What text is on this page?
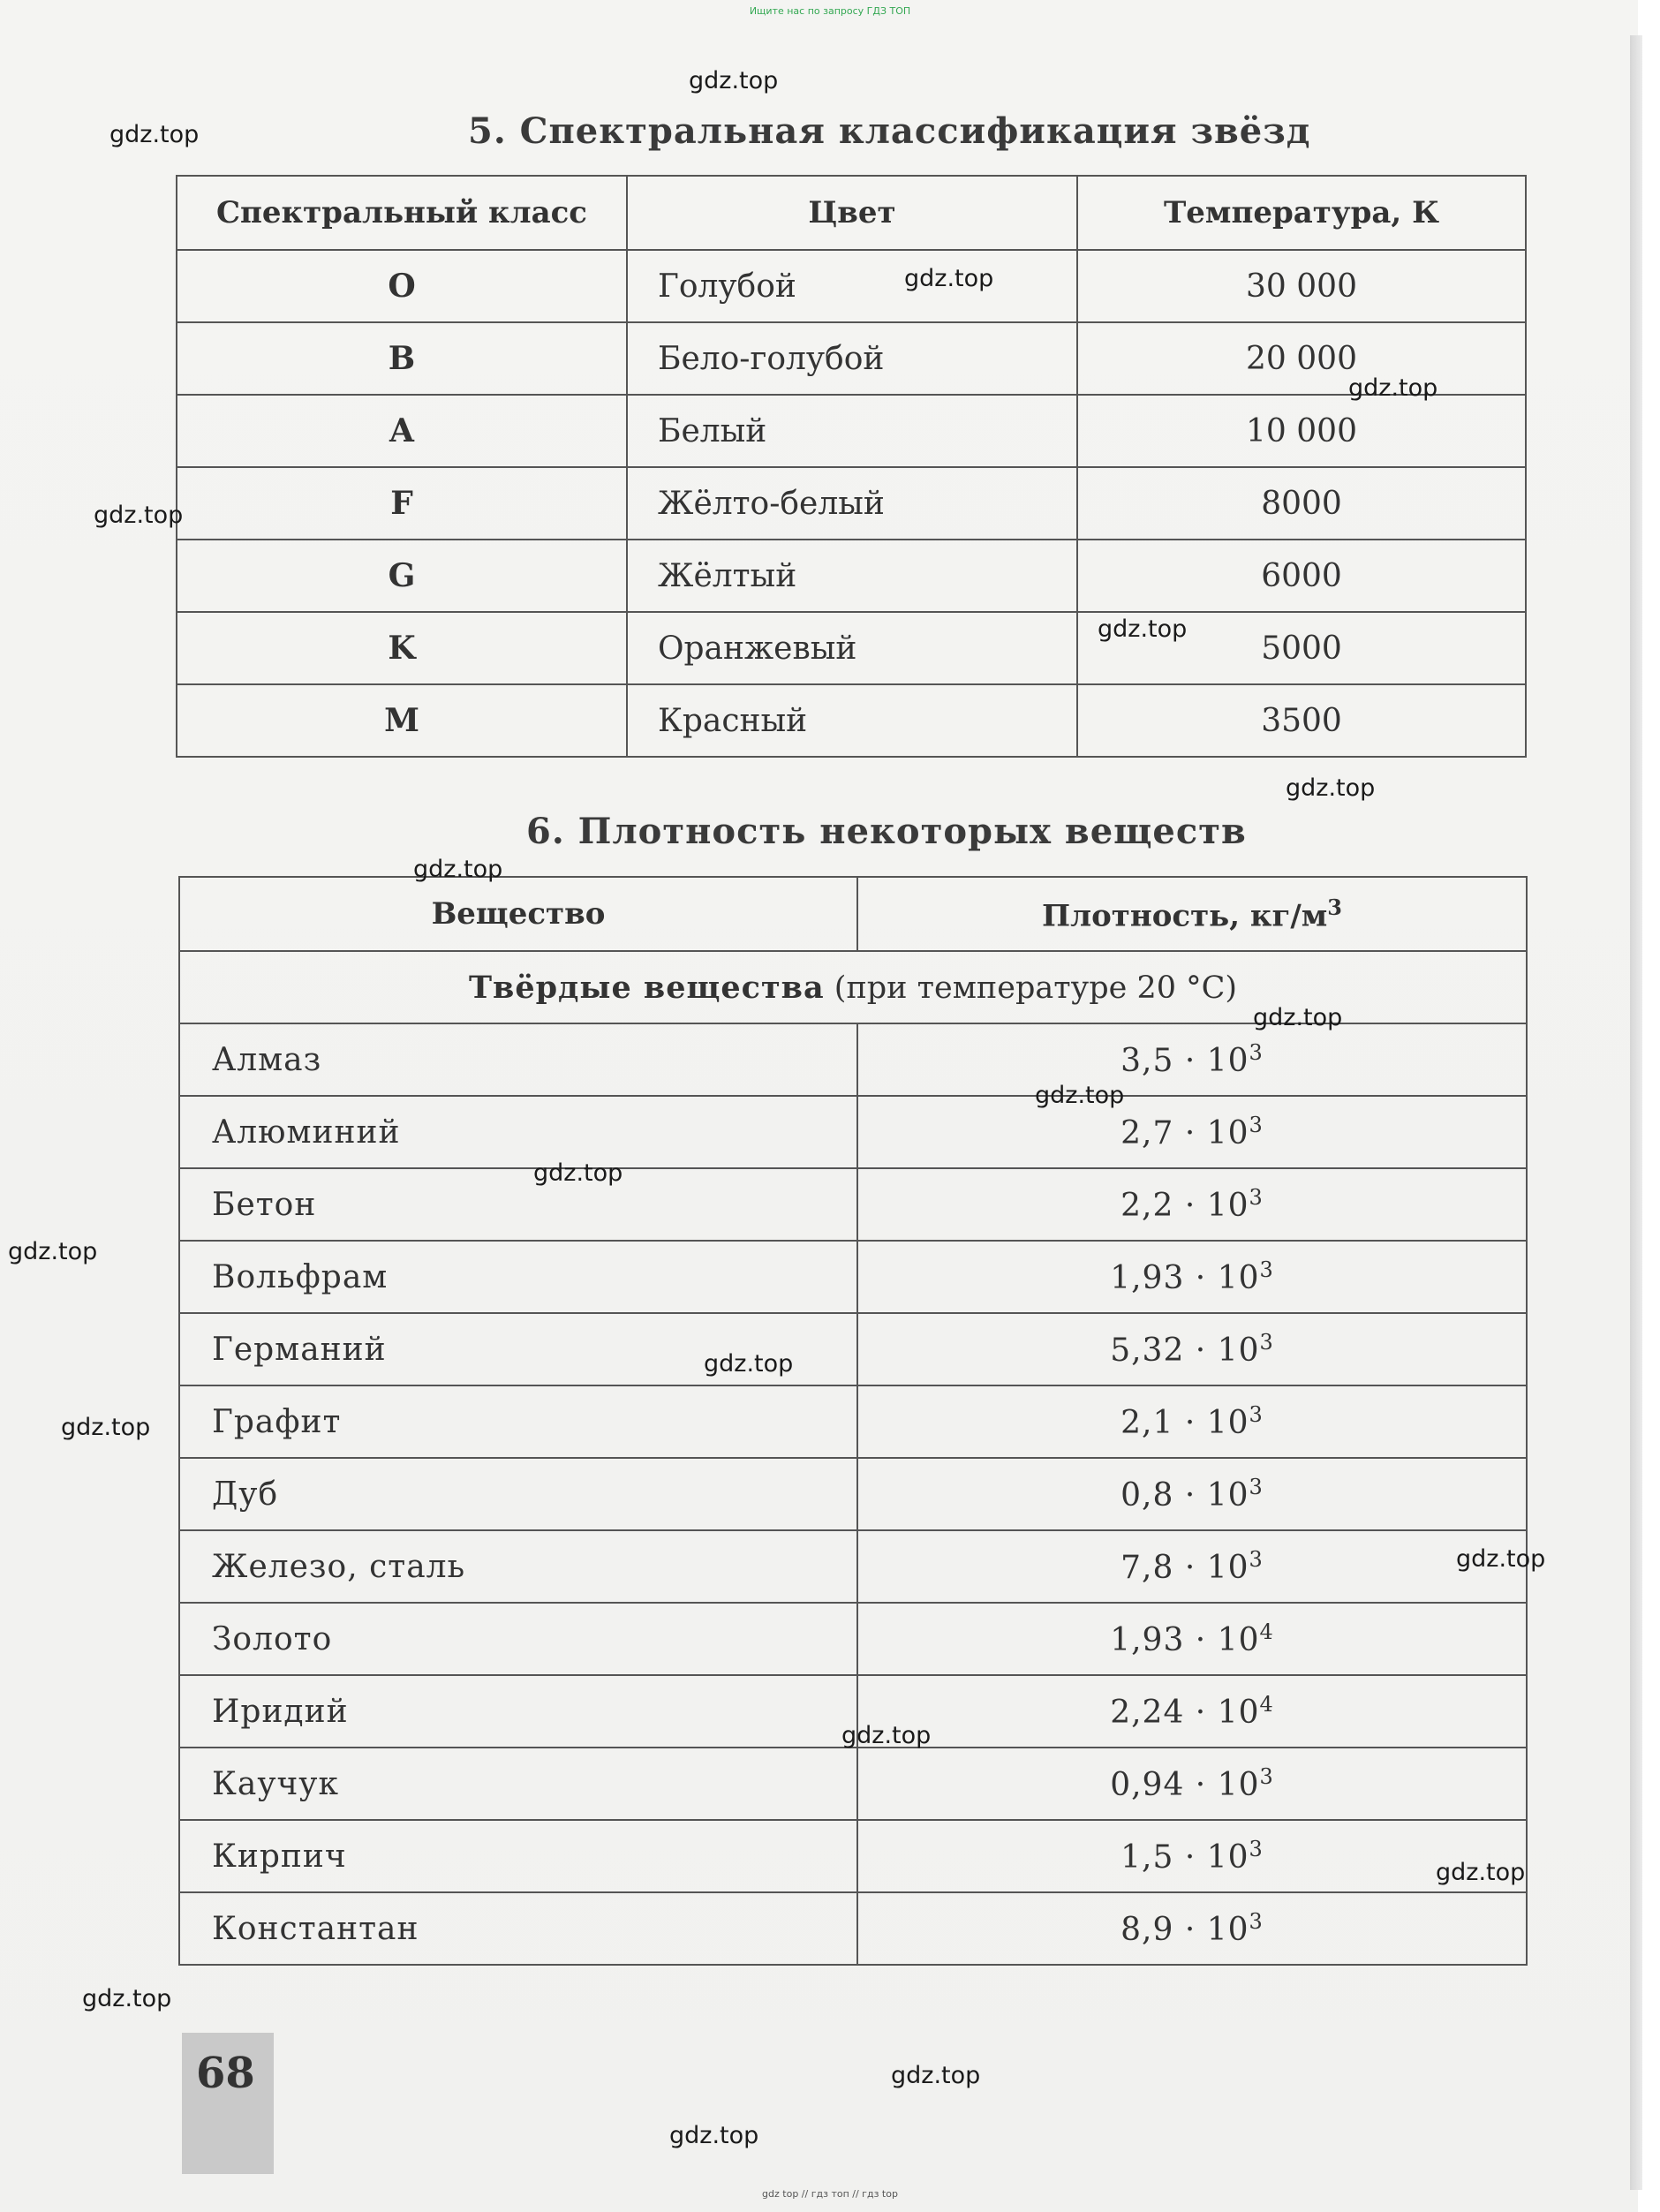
Ищите нас по запросу ГДЗ ТОП
5. Спектральная классификация звёзд
Спектральный класс	Цвет	Температура, К
O	Голубой	30 000
B	Бело-голубой	20 000
A	Белый	10 000
F	Жёлто-белый	8000
G	Жёлтый	6000
K	Оранжевый	5000
M	Красный	3500
6. Плотность некоторых веществ
Вещество	Плотность, $кг/м^3$
Твёрдые вещества (при температуре 20 °С)	
Алмаз	$3,5 \cdot 10^3$
Алюминий	$2,7 \cdot 10^3$
Бетон	$2,2 \cdot 10^3$
Вольфрам	$1,93 \cdot 10^3$
Германий	$5,32 \cdot 10^3$
Графит	$2,1 \cdot 10^3$
Дуб	$0,8 \cdot 10^3$
Железо, сталь	$7,8 \cdot 10^3$
Золото	$1,93 \cdot 10^4$
Иридий	$2,24 \cdot 10^4$
Каучук	$0,94 \cdot 10^3$
Кирпич	$1,5 \cdot 10^3$
Константан	$8,9 \cdot 10^3$
68
gdz.top
gdz.top
gdz.top
gdz.top
gdz.top
gdz.top
gdz.top
gdz.top
gdz.top
gdz.top
gdz.top
gdz.top
gdz.top
gdz.top
gdz.top
gdz.top
gdz.top
gdz.top
gdz.top
gdz.top
gdz top // гдз топ // гдз top
